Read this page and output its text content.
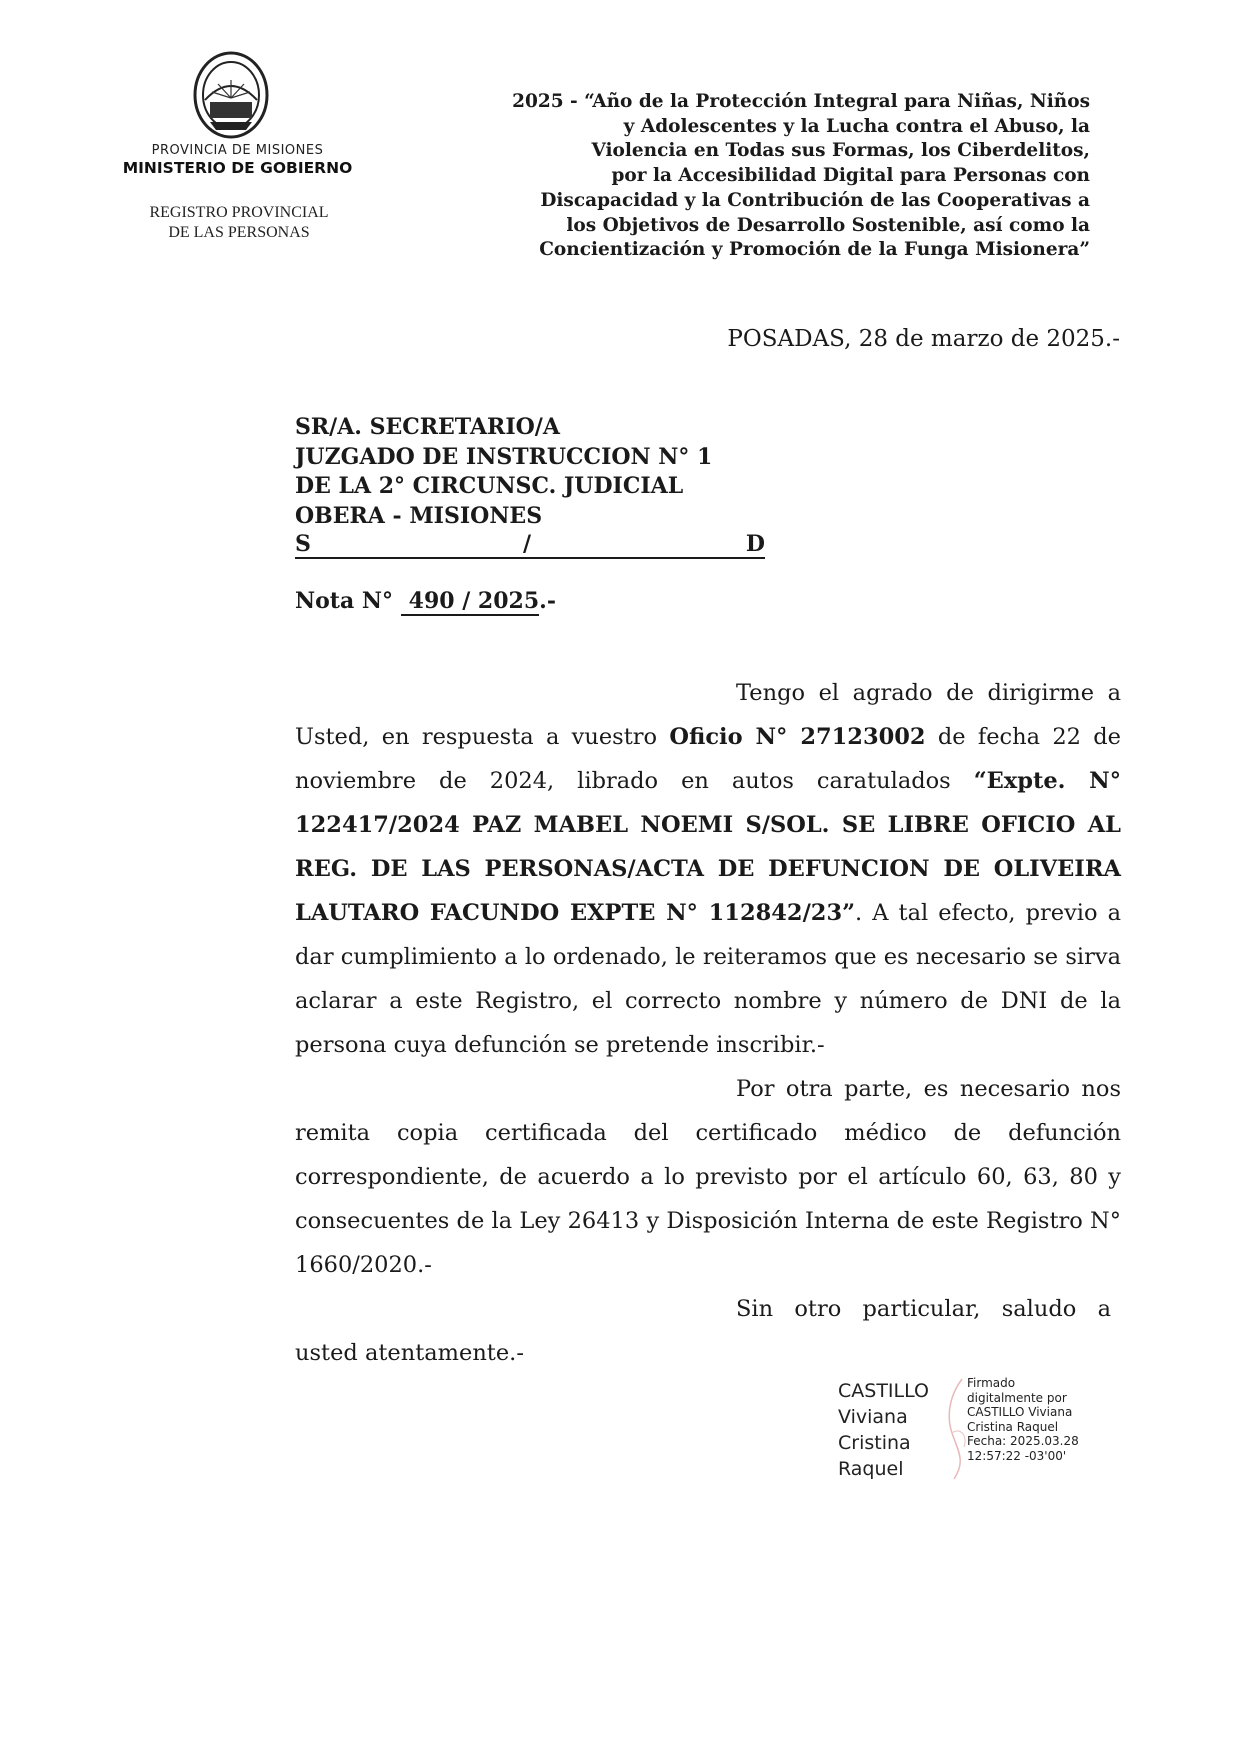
PROVINCIA DE MISIONES
MINISTERIO DE GOBIERNO
REGISTRO PROVINCIAL
DE LAS PERSONAS
2025 - “Año de la Protección Integral para Niñas, Niños
y Adolescentes y la Lucha contra el Abuso, la
Violencia en Todas sus Formas, los Ciberdelitos,
por la Accesibilidad Digital para Personas con
Discapacidad y la Contribución de las Cooperativas a
los Objetivos de Desarrollo Sostenible, así como la
Concientización y Promoción de la Funga Misionera”
POSADAS, 28 de marzo de 2025.-
SR/A. SECRETARIO/A
JUZGADO DE INSTRUCCION N° 1
DE LA 2° CIRCUNSC. JUDICIAL
OBERA - MISIONES
S	/	D

Nota N° 490 / 2025.-

Tengo el agrado de dirigirme a Usted, en respuesta a vuestro Oficio N° 27123002 de fecha 22 de noviembre de 2024, librado en autos caratulados “Expte. N° 122417/2024 PAZ MABEL NOEMI S/SOL. SE LIBRE OFICIO AL REG. DE LAS PERSONAS/ACTA DE DEFUNCION DE OLIVEIRA LAUTARO FACUNDO EXPTE N° 112842/23”. A tal efecto, previo a dar cumplimiento a lo ordenado, le reiteramos que es necesario se sirva aclarar a este Registro, el correcto nombre y número de DNI de la persona cuya defunción se pretende inscribir.-

Por otra parte, es necesario nos remita copia certificada del certificado médico de defunción correspondiente, de acuerdo a lo previsto por el artículo 60, 63, 80 y consecuentes de la Ley 26413 y Disposición Interna de este Registro N° 1660/2020.-

Sin otro particular, saludo a usted atentamente.-

CASTILLO
Viviana
Cristina
Raquel
Firmado
digitalmente por
CASTILLO Viviana
Cristina Raquel
Fecha: 2025.03.28
12:57:22 -03'00'
